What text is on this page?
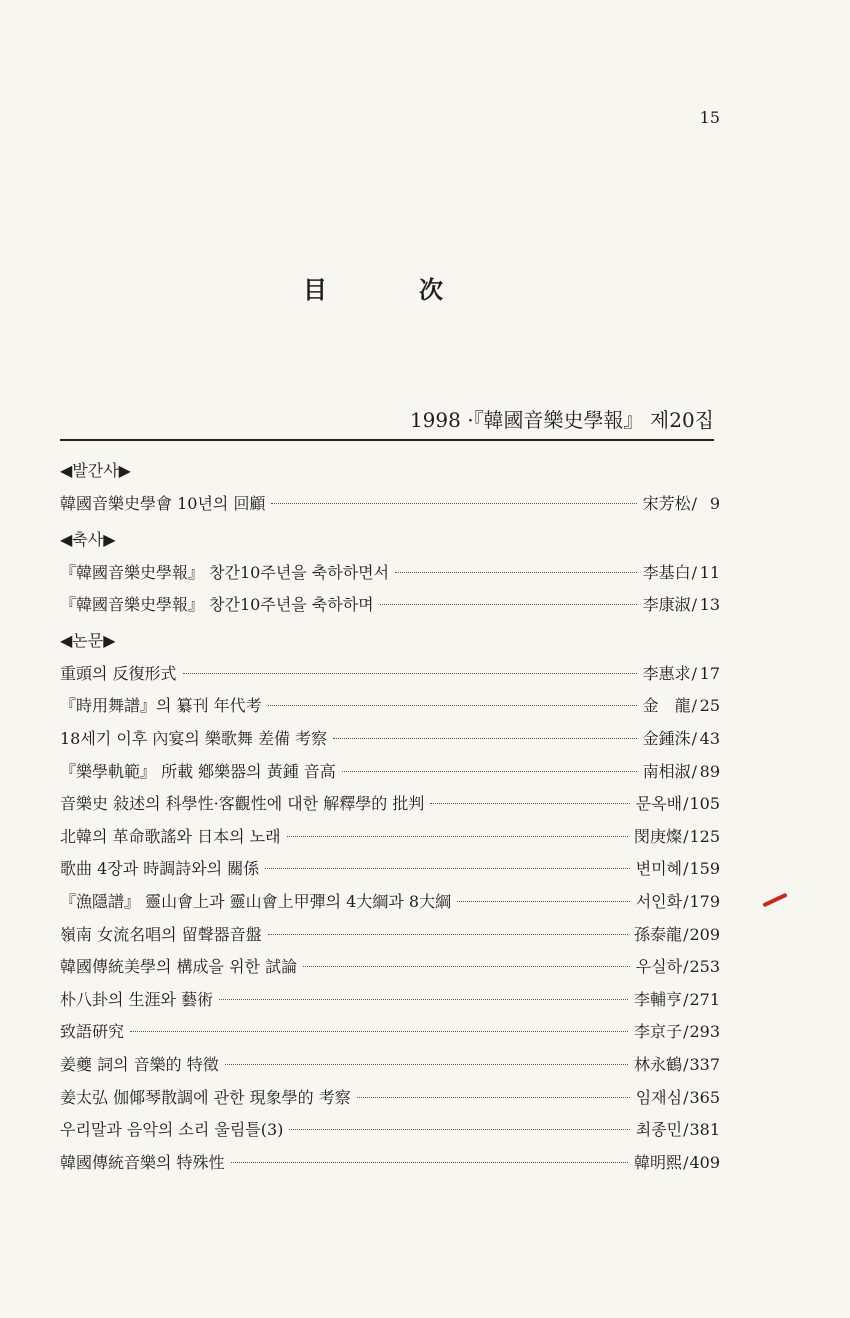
15
目　次
1998 ·『韓國音樂史學報』 제20집
◀발간사▶
韓國音樂史學會 10년의 回顧	宋芳松 / 9
◀축사▶
『韓國音樂史學報』 창간10주년을 축하하면서	李基白 / 11
『韓國音樂史學報』 창간10주년을 축하하며	李康淑 / 13
◀논문▶
重頭의 反復形式	李惠求 / 17
『時用舞譜』의 纂刊 年代考	金　龍 / 25
18세기 이후 內宴의 樂歌舞 差備 考察	金鍾洙 / 43
『樂學軌範』 所載 鄕樂器의 黃鍾 音高	南相淑 / 89
音樂史 敍述의 科學性·客觀性에 대한 解釋學的 批判	문옥배 / 105
北韓의 革命歌謠와 日本의 노래	閔庚燦 / 125
歌曲 4장과 時調詩와의 關係	변미혜 / 159
『漁隱譜』 靈山會上과 靈山會上甲彈의 4大綱과 8大綱	서인화 / 179
嶺南 女流名唱의 留聲器音盤	孫泰龍 / 209
韓國傳統美學의 構成을 위한 試論	우실하 / 253
朴八卦의 生涯와 藝術	李輔亨 / 271
致語硏究	李京子 / 293
姜夔 詞의 音樂的 特徵	林永鶴 / 337
姜太弘 伽倻琴散調에 관한 現象學的 考察	임재심 / 365
우리말과 음악의 소리 울림틀(3)	최종민 / 381
韓國傳統音樂의 特殊性	韓明熙 / 409
